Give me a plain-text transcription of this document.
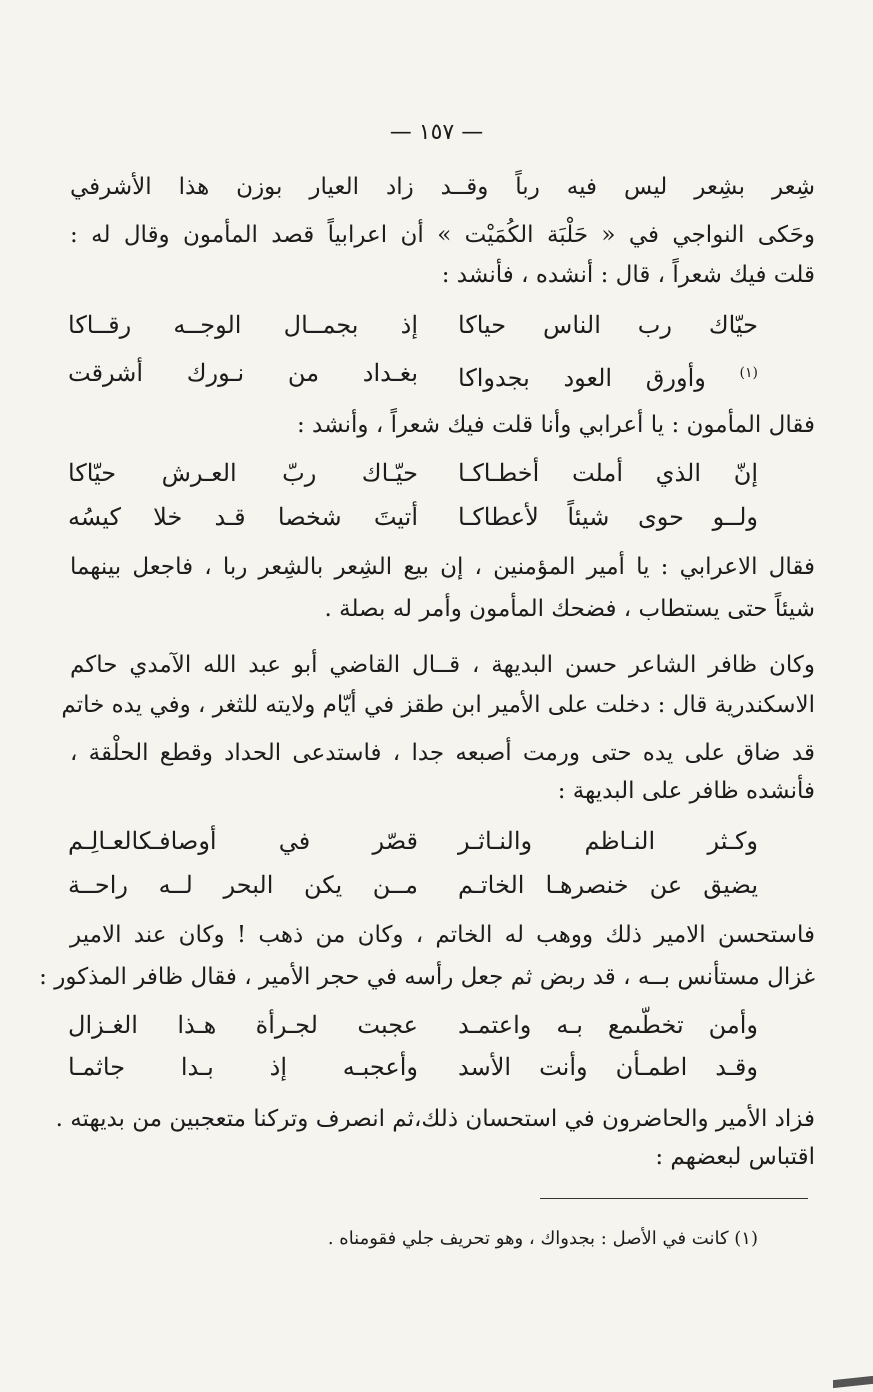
— ١٥٧ —
شِعر بشِعر ليس فيه رباً وقــد زاد العيار بوزن هذا الأشرفي
وحَكى النواجي في « حَلْبَة الكُمَيْت » أن اعرابياً قصد المأمون وقال له :
قلت فيك شعراً ، قال : أنشده ، فأنشد :
حيّاك رب الناس حياكا
إذ بجمــال الوجــه رقــاكا
$^{(١)}$ وأورق العود بجدواكا
بغـداد من نـورك أشرقت
فقال المأمون : يا أعرابي وأنا قلت فيك شعراً ، وأنشد :
إنّ الذي أملت أخطـاكـا
حيّـاك ربّ العـرش حيّاكا
ولــو حوى شيئاً لأعطاكـا
أتيتَ شخصا قـد خلا كيسُه
فقال الاعرابي : يا أمير المؤمنين ، إن بيع الشِعر بالشِعر ربا ، فاجعل بينهما
شيئاً حتى يستطاب ، فضحك المأمون وأمر له بصلة .
وكان ظافر الشاعر حسن البديهة ، قــال القاضي أبو عبد الله الآمدي حاكم
الاسكندرية قال : دخلت على الأمير ابن طقز في أيّام ولايته للثغر ، وفي يده خاتم
قد ضاق على يده حتى ورمت أصبعه جدا ، فاستدعى الحداد وقطع الحلْقة ،
فأنشده ظافر على البديهة :
وكـثر النـاظم والنـاثـر
قصّر في أوصافـكالعـالِـم
يضيق عن خنصرهـا الخاتـم
مــن يكن البحر لــه راحــة
فاستحسن الامير ذلك ووهب له الخاتم ، وكان من ذهب ! وكان عند الامير
غزال مستأنس بــه ، قد ربض ثم جعل رأسه في حجر الأمير ، فقال ظافر المذكور :
وأمن تخطّىمع بـه واعتمـد
عجبت لجـرأة هـذا الغـزال
وقـد اطمـأن وأنت الأسد
وأعجبـه إذ بـدا جاثمـا
فزاد الأمير والحاضرون في استحسان ذلك،ثم انصرف وتركنا متعجبين من بديهته .
اقتباس لبعضهم :
(١) كانت في الأصل : بجدواك ، وهو تحريف جلي فقومناه .
